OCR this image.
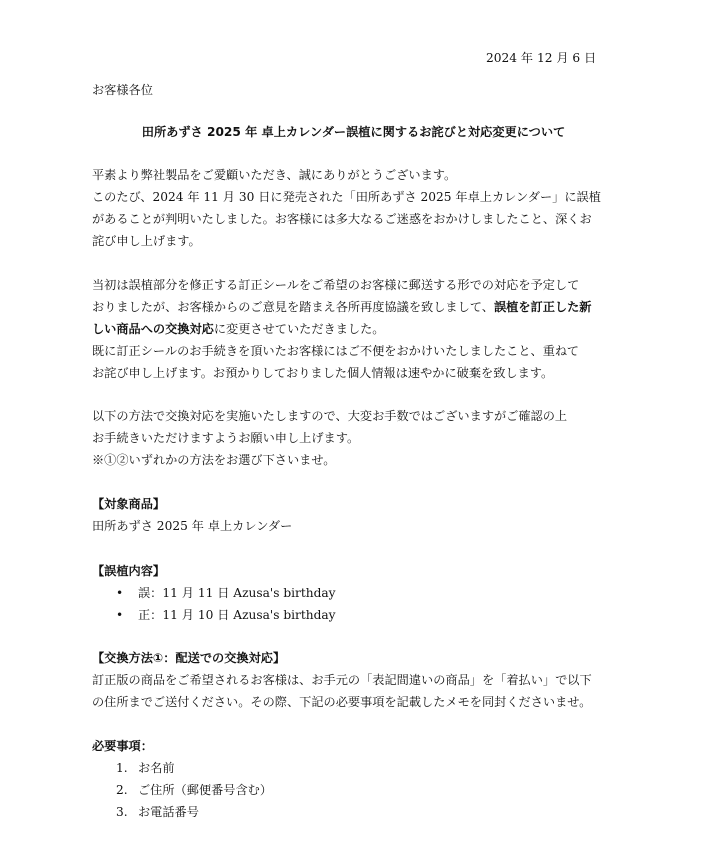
2024 年 12 月 6 日
お客様各位
田所あずさ 2025 年 卓上カレンダー誤植に関するお詫びと対応変更について

平素より弊社製品をご愛顧いただき、誠にありがとうございます。

このたび、2024 年 11 月 30 日に発売された「田所あずさ 2025 年卓上カレンダー」に誤植

があることが判明いたしました。お客様には多大なるご迷惑をおかけしましたこと、深くお

詫び申し上げます。

当初は誤植部分を修正する訂正シールをご希望のお客様に郵送する形での対応を予定して

おりましたが、お客様からのご意見を踏まえ各所再度協議を致しまして、誤植を訂正した新

しい商品への交換対応に変更させていただきました。

既に訂正シールのお手続きを頂いたお客様にはご不便をおかけいたしましたこと、重ねて

お詫び申し上げます。お預かりしておりました個人情報は速やかに破棄を致します。

以下の方法で交換対応を実施いたしますので、大変お手数ではございますがご確認の上

お手続きいただけますようお願い申し上げます。

※①②いずれかの方法をお選び下さいませ。

【対象商品】

田所あずさ 2025 年 卓上カレンダー

【誤植内容】

• 誤：11 月 11 日 Azusa's birthday
• 正：11 月 10 日 Azusa's birthday

【交換方法①：配送での交換対応】

訂正版の商品をご希望されるお客様は、お手元の「表記間違いの商品」を「着払い」で以下

の住所までご送付ください。その際、下記の必要事項を記載したメモを同封くださいませ。

必要事項：

1. お名前
2. ご住所（郵便番号含む）
3. お電話番号
